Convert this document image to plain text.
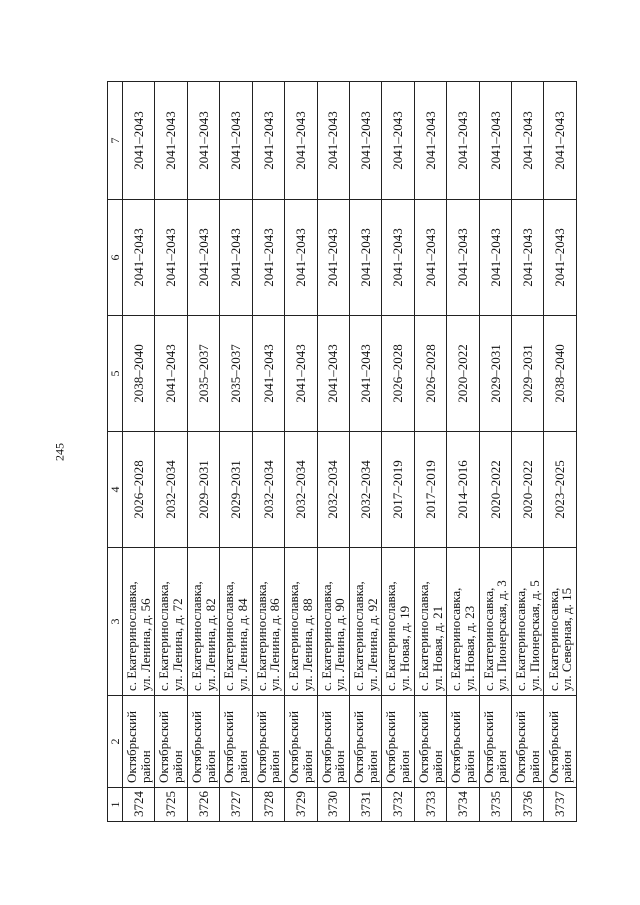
245
1	2	3	4	5	6	7
3724	Октябрьский район	с. Екатеринославка,
ул. Ленина, д. 56	2026–2028	2038–2040	2041–2043	2041–2043
3725	Октябрьский район	с. Екатеринославка,
ул. Ленина, д. 72	2032–2034	2041–2043	2041–2043	2041–2043
3726	Октябрьский район	с. Екатеринославка,
ул. Ленина, д. 82	2029–2031	2035–2037	2041–2043	2041–2043
3727	Октябрьский район	с. Екатеринославка,
ул. Ленина, д. 84	2029–2031	2035–2037	2041–2043	2041–2043
3728	Октябрьский район	с. Екатеринославка,
ул. Ленина, д. 86	2032–2034	2041–2043	2041–2043	2041–2043
3729	Октябрьский район	с. Екатеринославка,
ул. Ленина, д. 88	2032–2034	2041–2043	2041–2043	2041–2043
3730	Октябрьский район	с. Екатеринославка,
ул. Ленина, д. 90	2032–2034	2041–2043	2041–2043	2041–2043
3731	Октябрьский район	с. Екатеринославка,
ул. Ленина, д. 92	2032–2034	2041–2043	2041–2043	2041–2043
3732	Октябрьский район	с. Екатеринославка,
ул. Новая, д. 19	2017–2019	2026–2028	2041–2043	2041–2043
3733	Октябрьский район	с. Екатеринославка,
ул. Новая, д. 21	2017–2019	2026–2028	2041–2043	2041–2043
3734	Октябрьский район	с. Екатериносавка,
ул. Новая, д. 23	2014–2016	2020–2022	2041–2043	2041–2043
3735	Октябрьский район	с. Екатериносавка,
ул. Пионерская, д. 3	2020–2022	2029–2031	2041–2043	2041–2043
3736	Октябрьский район	с. Екатериносавка,
ул. Пионерская, д. 5	2020–2022	2029–2031	2041–2043	2041–2043
3737	Октябрьский район	с. Екатериносавка,
ул. Северная, д. 15	2023–2025	2038–2040	2041–2043	2041–2043
